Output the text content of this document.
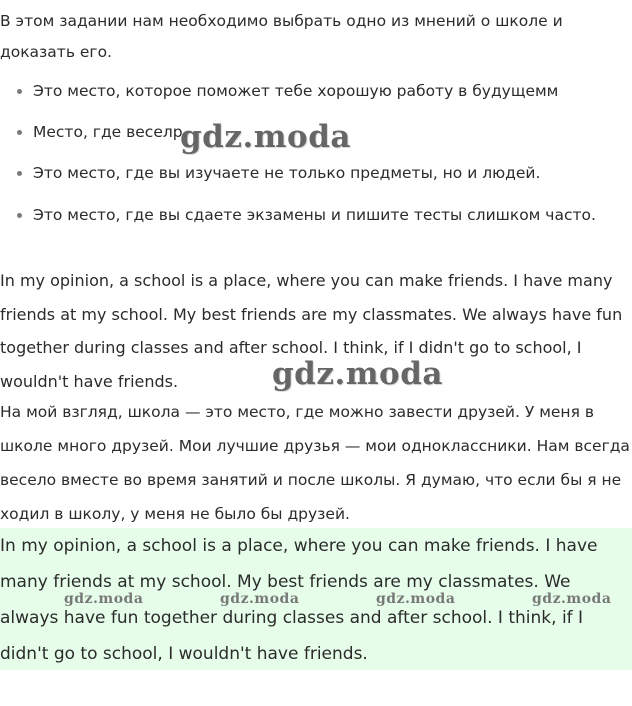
В этом задании нам необходимо выбрать одно из мнений о школе и доказать его.

Это место, которое поможет тебе хорошую работу в будущемм
Место, где веселр.
Это место, где вы изучаете не только предметы, но и людей.
Это место, где вы сдаете экзамены и пишите тесты слишком часто.

In my opinion, a school is a place, where you can make friends. I have many friends at my school. My best friends are my classmates. We always have fun together during classes and after school. I think, if I didn't go to school, I wouldn't have friends.

На мой взгляд, школа — это место, где можно завести друзей. У меня в школе много друзей. Мои лучшие друзья — мои одноклассники. Нам всегда весело вместе во время занятий и после школы. Я думаю, что если бы я не ходил в школу, у меня не было бы друзей.

In my opinion, a school is a place, where you can make friends. I have many friends at my school. My best friends are my classmates. We always have fun together during classes and after school. I think, if I didn't go to school, I wouldn't have friends.

gdz.moda
gdz.moda
gdz.moda	gdz.moda	gdz.moda	gdz.moda
